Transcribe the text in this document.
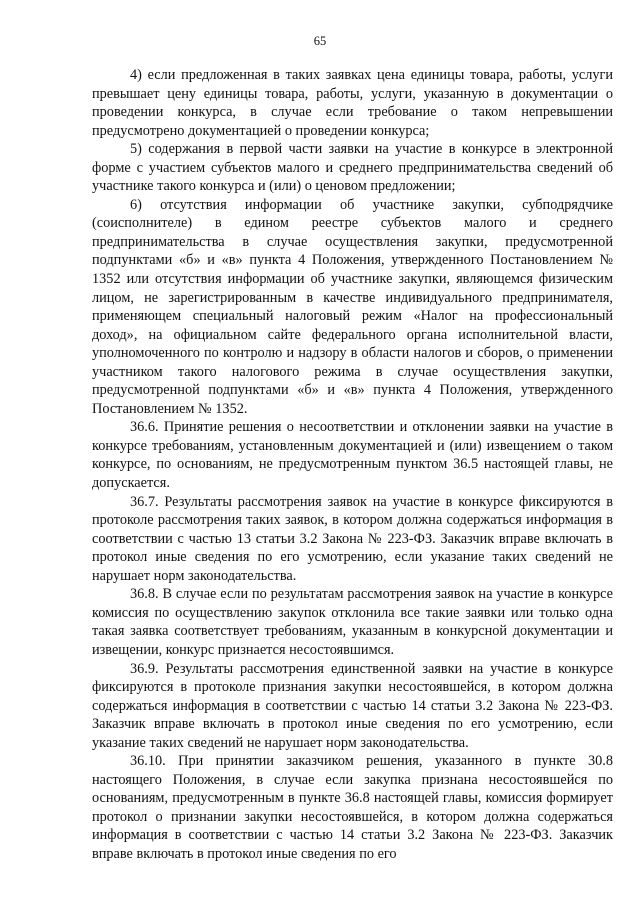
65

4) если предложенная в таких заявках цена единицы товара, работы, услуги превышает цену единицы товара, работы, услуги, указанную в документации о проведении конкурса, в случае если требование о таком непревышении предусмотрено документацией о проведении конкурса;

5) содержания в первой части заявки на участие в конкурсе в электронной форме с участием субъектов малого и среднего предпринимательства сведений об участнике такого конкурса и (или) о ценовом предложении;

6) отсутствия информации об участнике закупки, субподрядчике (соисполнителе) в едином реестре субъектов малого и среднего предпринимательства в случае осуществления закупки, предусмотренной подпунктами «б» и «в» пункта 4 Положения, утвержденного Постановлением № 1352 или отсутствия информации об участнике закупки, являющемся физическим лицом, не зарегистрированным в качестве индивидуального предпринимателя, применяющем специальный налоговый режим «Налог на профессиональный доход», на официальном сайте федерального органа исполнительной власти, уполномоченного по контролю и надзору в области налогов и сборов, о применении участником такого налогового режима в случае осуществления закупки, предусмотренной подпунктами «б» и «в» пункта 4 Положения, утвержденного Постановлением № 1352.

36.6. Принятие решения о несоответствии и отклонении заявки на участие в конкурсе требованиям, установленным документацией и (или) извещением о таком конкурсе, по основаниям, не предусмотренным пунктом 36.5 настоящей главы, не допускается.

36.7. Результаты рассмотрения заявок на участие в конкурсе фиксируются в протоколе рассмотрения таких заявок, в котором должна содержаться информация в соответствии с частью 13 статьи 3.2 Закона № 223-ФЗ. Заказчик вправе включать в протокол иные сведения по его усмотрению, если указание таких сведений не нарушает норм законодательства.

36.8. В случае если по результатам рассмотрения заявок на участие в конкурсе комиссия по осуществлению закупок отклонила все такие заявки или только одна такая заявка соответствует требованиям, указанным в конкурсной документации и извещении, конкурс признается несостоявшимся.

36.9. Результаты рассмотрения единственной заявки на участие в конкурсе фиксируются в протоколе признания закупки несостоявшейся, в котором должна содержаться информация в соответствии с частью 14 статьи 3.2 Закона № 223-ФЗ. Заказчик вправе включать в протокол иные сведения по его усмотрению, если указание таких сведений не нарушает норм законодательства.

36.10. При принятии заказчиком решения, указанного в пункте 30.8 настоящего Положения, в случае если закупка признана несостоявшейся по основаниям, предусмотренным в пункте 36.8 настоящей главы, комиссия формирует протокол о признании закупки несостоявшейся, в котором должна содержаться информация в соответствии с частью 14 статьи 3.2 Закона № 223-ФЗ. Заказчик вправе включать в протокол иные сведения по его
